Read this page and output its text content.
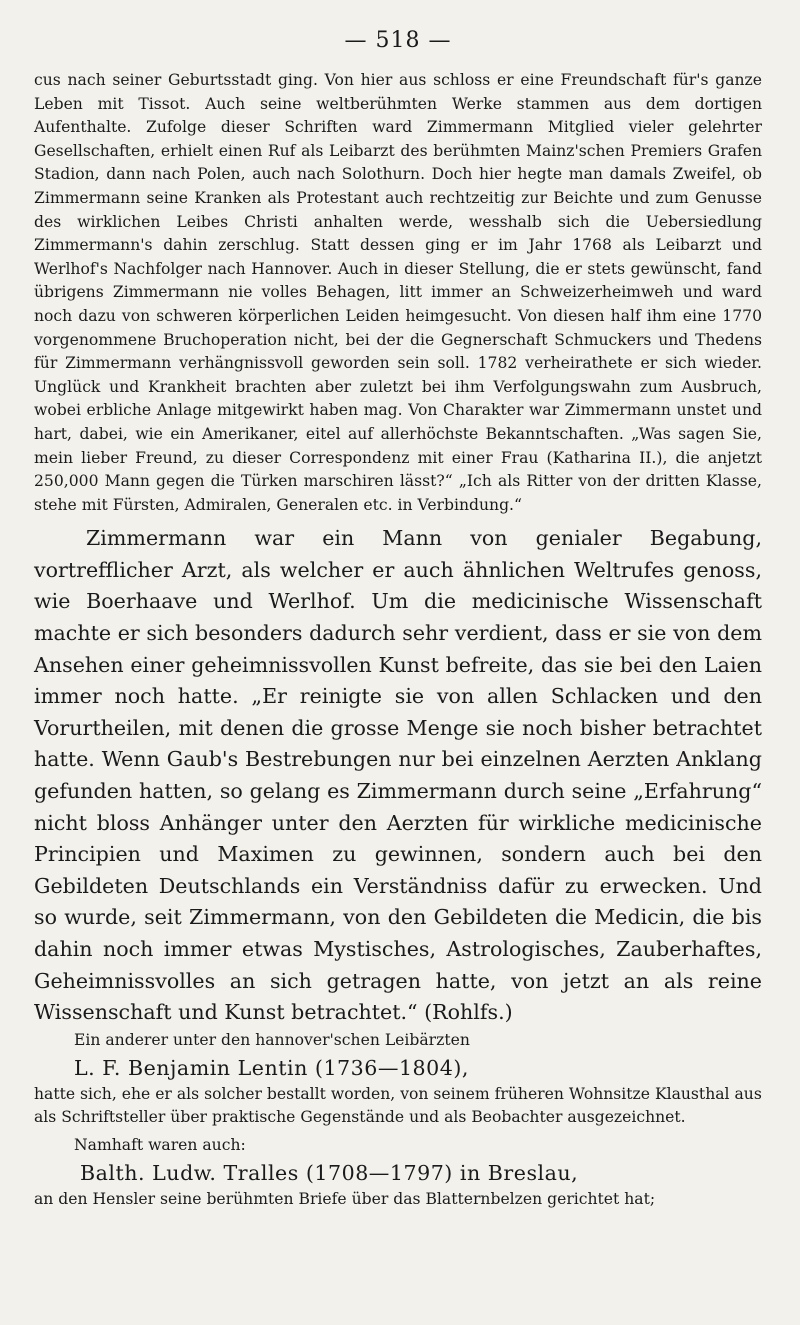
— 518 —

cus nach seiner Geburtsstadt ging. Von hier aus schloss er eine Freundschaft für's ganze Leben mit Tissot. Auch seine weltberühmten Werke stammen aus dem dortigen Aufenthalte. Zufolge dieser Schriften ward Zimmermann Mitglied vieler gelehrter Gesellschaften, erhielt einen Ruf als Leibarzt des berühmten Mainz'schen Premiers Grafen Stadion, dann nach Polen, auch nach Solothurn. Doch hier hegte man damals Zweifel, ob Zimmermann seine Kranken als Protestant auch rechtzeitig zur Beichte und zum Genusse des wirklichen Leibes Christi anhalten werde, wesshalb sich die Uebersiedlung Zimmermann's dahin zerschlug. Statt dessen ging er im Jahr 1768 als Leibarzt und Werlhof's Nachfolger nach Hannover. Auch in dieser Stellung, die er stets gewünscht, fand übrigens Zimmermann nie volles Behagen, litt immer an Schweizerheimweh und ward noch dazu von schweren körperlichen Leiden heimgesucht. Von diesen half ihm eine 1770 vorgenommene Bruchoperation nicht, bei der die Gegnerschaft Schmuckers und Thedens für Zimmermann verhängnissvoll geworden sein soll. 1782 verheirathete er sich wieder. Unglück und Krankheit brachten aber zuletzt bei ihm Verfolgungswahn zum Ausbruch, wobei erbliche Anlage mitgewirkt haben mag. Von Charakter war Zimmermann unstet und hart, dabei, wie ein Amerikaner, eitel auf allerhöchste Bekanntschaften. „Was sagen Sie, mein lieber Freund, zu dieser Correspondenz mit einer Frau (Katharina II.), die anjetzt 250,000 Mann gegen die Türken marschiren lässt?“ „Ich als Ritter von der dritten Klasse, stehe mit Fürsten, Admiralen, Generalen etc. in Verbindung.“

Zimmermann war ein Mann von genialer Begabung, vortrefflicher Arzt, als welcher er auch ähnlichen Weltrufes genoss, wie Boerhaave und Werlhof. Um die medicinische Wissenschaft machte er sich besonders dadurch sehr verdient, dass er sie von dem Ansehen einer geheimnissvollen Kunst befreite, das sie bei den Laien immer noch hatte. „Er reinigte sie von allen Schlacken und den Vorurtheilen, mit denen die grosse Menge sie noch bisher betrachtet hatte. Wenn Gaub's Bestrebungen nur bei einzelnen Aerzten Anklang gefunden hatten, so gelang es Zimmermann durch seine „Erfahrung“ nicht bloss Anhänger unter den Aerzten für wirkliche medicinische Principien und Maximen zu gewinnen, sondern auch bei den Gebildeten Deutschlands ein Verständniss dafür zu erwecken. Und so wurde, seit Zimmermann, von den Gebildeten die Medicin, die bis dahin noch immer etwas Mystisches, Astrologisches, Zauberhaftes, Geheimnissvolles an sich getragen hatte, von jetzt an als reine Wissenschaft und Kunst betrachtet.“ (Rohlfs.)

Ein anderer unter den hannover'schen Leibärzten

L. F. Benjamin Lentin (1736—1804),

hatte sich, ehe er als solcher bestallt worden, von seinem früheren Wohnsitze Klausthal aus als Schriftsteller über praktische Gegenstände und als Beobachter ausgezeichnet.

Namhaft waren auch:

Balth. Ludw. Tralles (1708—1797) in Breslau,

an den Hensler seine berühmten Briefe über das Blatternbelzen gerichtet hat;
